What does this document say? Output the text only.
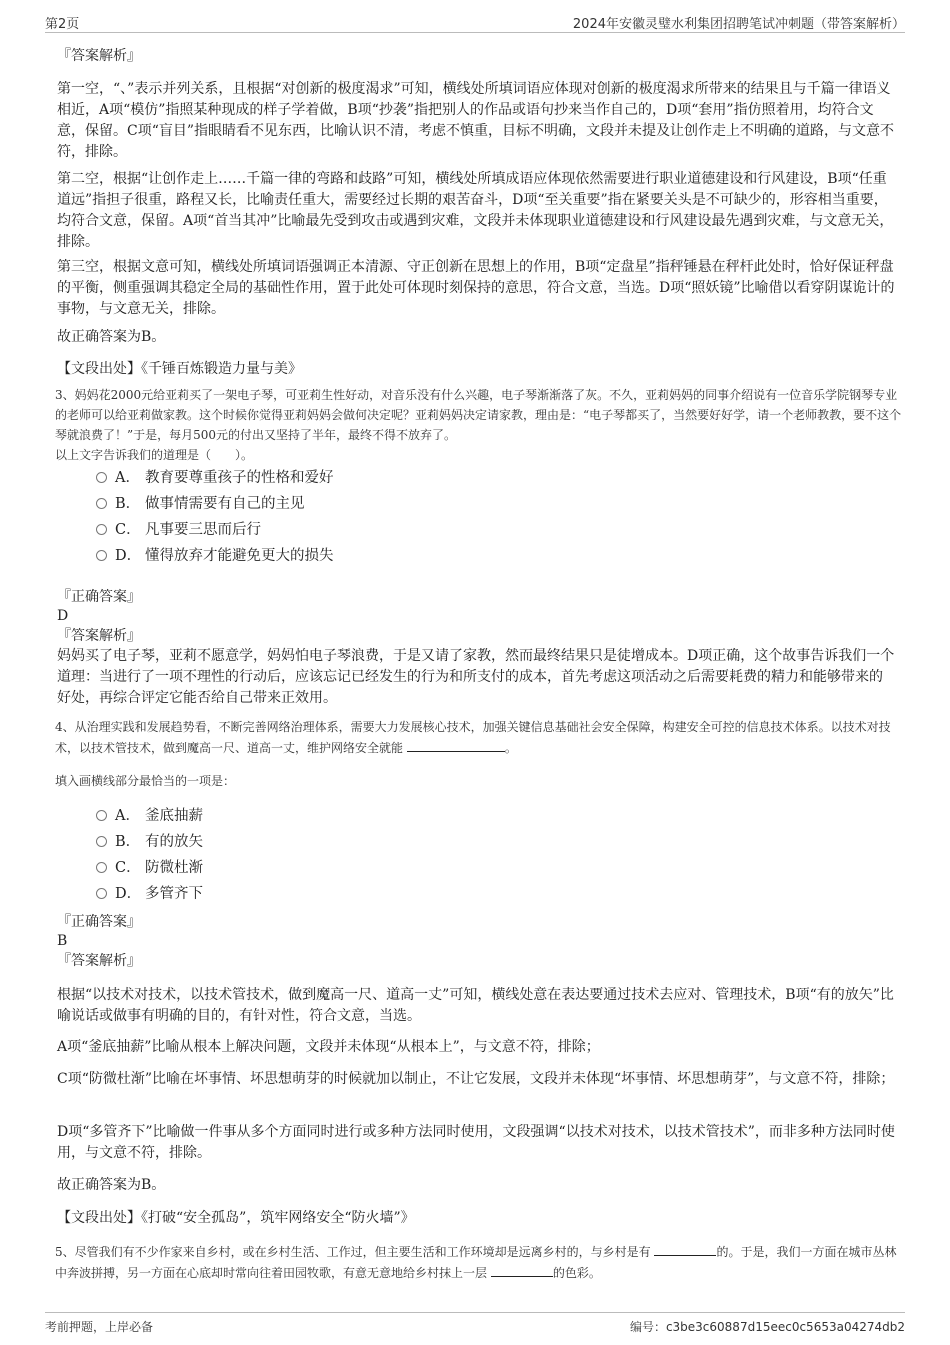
第2页	2024年安徽灵璧水利集团招聘笔试冲刺题（带答案解析）

『答案解析』

第一空，“、”表示并列关系，且根据“对创新的极度渴求”可知，横线处所填词语应体现对创新的极度渴求所带来的结果且与千篇一律语义相近，A项“模仿”指照某种现成的样子学着做，B项“抄袭”指把别人的作品或语句抄来当作自己的，D项“套用”指仿照着用，均符合文意，保留。C项“盲目”指眼睛看不见东西，比喻认识不清，考虑不慎重，目标不明确，文段并未提及让创作走上不明确的道路，与文意不符，排除。

第二空，根据“让创作走上……千篇一律的弯路和歧路”可知，横线处所填成语应体现依然需要进行职业道德建设和行风建设，B项“任重道远”指担子很重，路程又长，比喻责任重大，需要经过长期的艰苦奋斗，D项“至关重要”指在紧要关头是不可缺少的，形容相当重要，均符合文意，保留。A项“首当其冲”比喻最先受到攻击或遇到灾难，文段并未体现职业道德建设和行风建设最先遇到灾难，与文意无关，排除。

第三空，根据文意可知，横线处所填词语强调正本清源、守正创新在思想上的作用，B项“定盘星”指秤锤悬在秤杆此处时，恰好保证秤盘的平衡，侧重强调其稳定全局的基础性作用，置于此处可体现时刻保持的意思，符合文意，当选。D项“照妖镜”比喻借以看穿阴谋诡计的事物，与文意无关，排除。

故正确答案为B。

【文段出处】《千锤百炼锻造力量与美》

3、妈妈花2000元给亚莉买了一架电子琴，可亚莉生性好动，对音乐没有什么兴趣，电子琴渐渐落了灰。不久，亚莉妈妈的同事介绍说有一位音乐学院钢琴专业的老师可以给亚莉做家教。这个时候你觉得亚莉妈妈会做何决定呢？亚莉妈妈决定请家教，理由是：“电子琴都买了，当然要好好学，请一个老师教教，要不这个琴就浪费了！”于是，每月500元的付出又坚持了半年，最终不得不放弃了。

以上文字告诉我们的道理是（　　）。

A． 教育要尊重孩子的性格和爱好
B． 做事情需要有自己的主见
C． 凡事要三思而后行
D． 懂得放弃才能避免更大的损失

『正确答案』

D

『答案解析』

妈妈买了电子琴，亚莉不愿意学，妈妈怕电子琴浪费，于是又请了家教，然而最终结果只是徒增成本。D项正确，这个故事告诉我们一个道理：当进行了一项不理性的行动后，应该忘记已经发生的行为和所支付的成本，首先考虑这项活动之后需要耗费的精力和能够带来的好处，再综合评定它能否给自己带来正效用。

4、从治理实践和发展趋势看，不断完善网络治理体系，需要大力发展核心技术，加强关键信息基础社会安全保障，构建安全可控的信息技术体系。以技术对技术，以技术管技术，做到魔高一尺、道高一丈，维护网络安全就能	。

填入画横线部分最恰当的一项是：

A． 釜底抽薪
B． 有的放矢
C． 防微杜渐
D． 多管齐下

『正确答案』

B

『答案解析』

根据“以技术对技术，以技术管技术，做到魔高一尺、道高一丈”可知，横线处意在表达要通过技术去应对、管理技术，B项“有的放矢”比喻说话或做事有明确的目的，有针对性，符合文意，当选。

A项“釜底抽薪”比喻从根本上解决问题，文段并未体现“从根本上”，与文意不符，排除；

C项“防微杜渐”比喻在坏事情、坏思想萌芽的时候就加以制止，不让它发展，文段并未体现“坏事情、坏思想萌芽”，与文意不符，排除；

D项“多管齐下”比喻做一件事从多个方面同时进行或多种方法同时使用，文段强调“以技术对技术，以技术管技术”，而非多种方法同时使用，与文意不符，排除。

故正确答案为B。

【文段出处】《打破“安全孤岛”，筑牢网络安全“防火墙”》

5、尽管我们有不少作家来自乡村，或在乡村生活、工作过，但主要生活和工作环境却是远离乡村的，与乡村是有	的。于是，我们一方面在城市丛林中奔波拼搏，另一方面在心底却时常向往着田园牧歌，有意无意地给乡村抹上一层	的色彩。

考前押题，上岸必备	编号：c3be3c60887d15eec0c5653a04274db2
